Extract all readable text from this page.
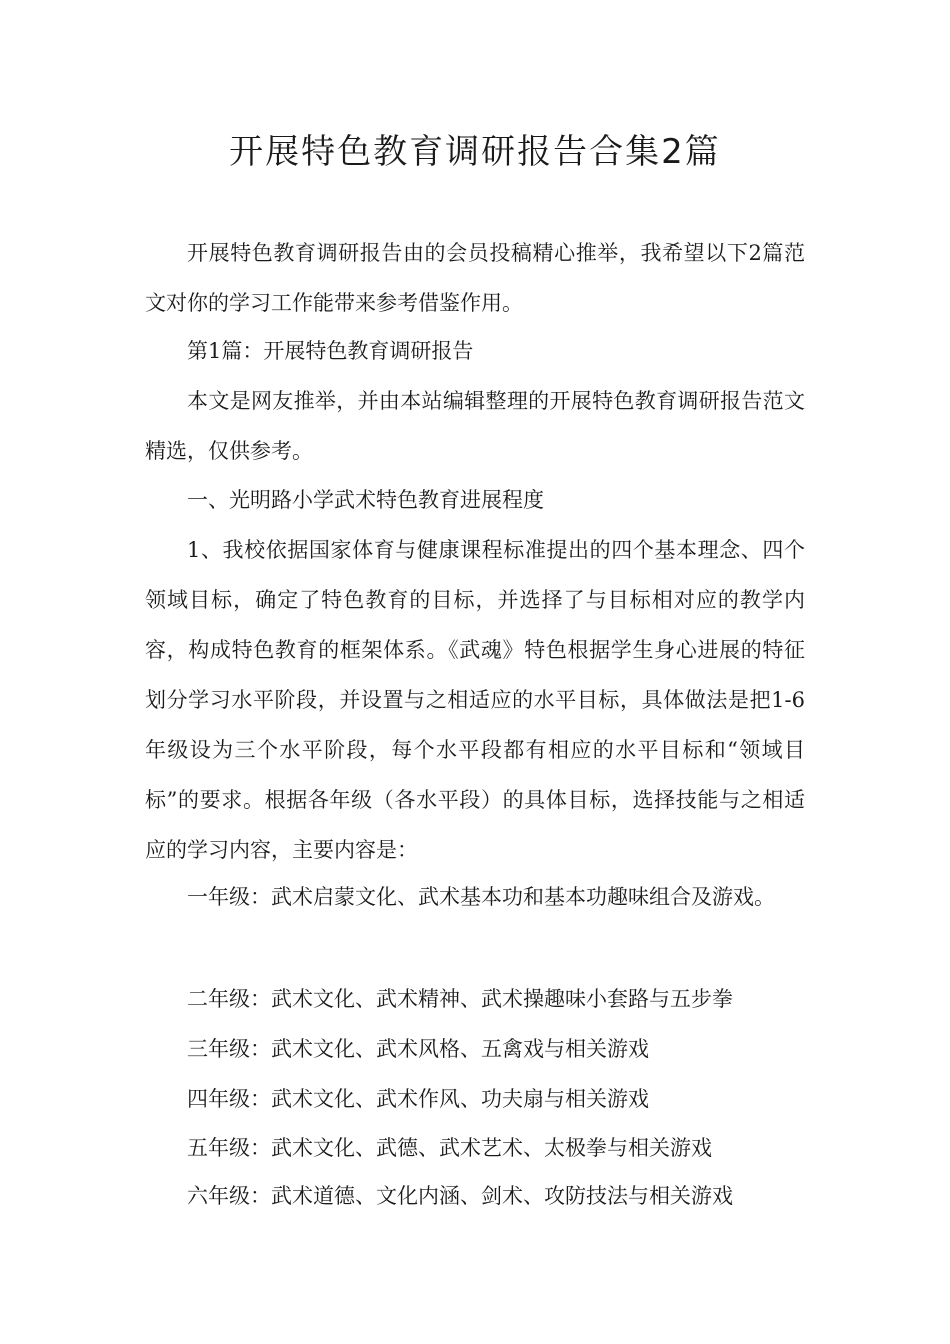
开展特色教育调研报告合集2篇

开展特色教育调研报告由的会员投稿精心推举，我希望以下2篇范文对你的学习工作能带来参考借鉴作用。

第1篇：开展特色教育调研报告

本文是网友推举，并由本站编辑整理的开展特色教育调研报告范文精选，仅供参考。

一、光明路小学武术特色教育进展程度

1、我校依据国家体育与健康课程标准提出的四个基本理念、四个领域目标，确定了特色教育的目标，并选择了与目标相对应的教学内容，构成特色教育的框架体系。《武魂》特色根据学生身心进展的特征划分学习水平阶段，并设置与之相适应的水平目标，具体做法是把1-6年级设为三个水平阶段，每个水平段都有相应的水平目标和“领域目标”的要求。根据各年级（各水平段）的具体目标，选择技能与之相适应的学习内容，主要内容是：

一年级：武术启蒙文化、武术基本功和基本功趣味组合及游戏。

二年级：武术文化、武术精神、武术操趣味小套路与五步拳

三年级：武术文化、武术风格、五禽戏与相关游戏

四年级：武术文化、武术作风、功夫扇与相关游戏

五年级：武术文化、武德、武术艺术、太极拳与相关游戏

六年级：武术道德、文化内涵、剑术、攻防技法与相关游戏
